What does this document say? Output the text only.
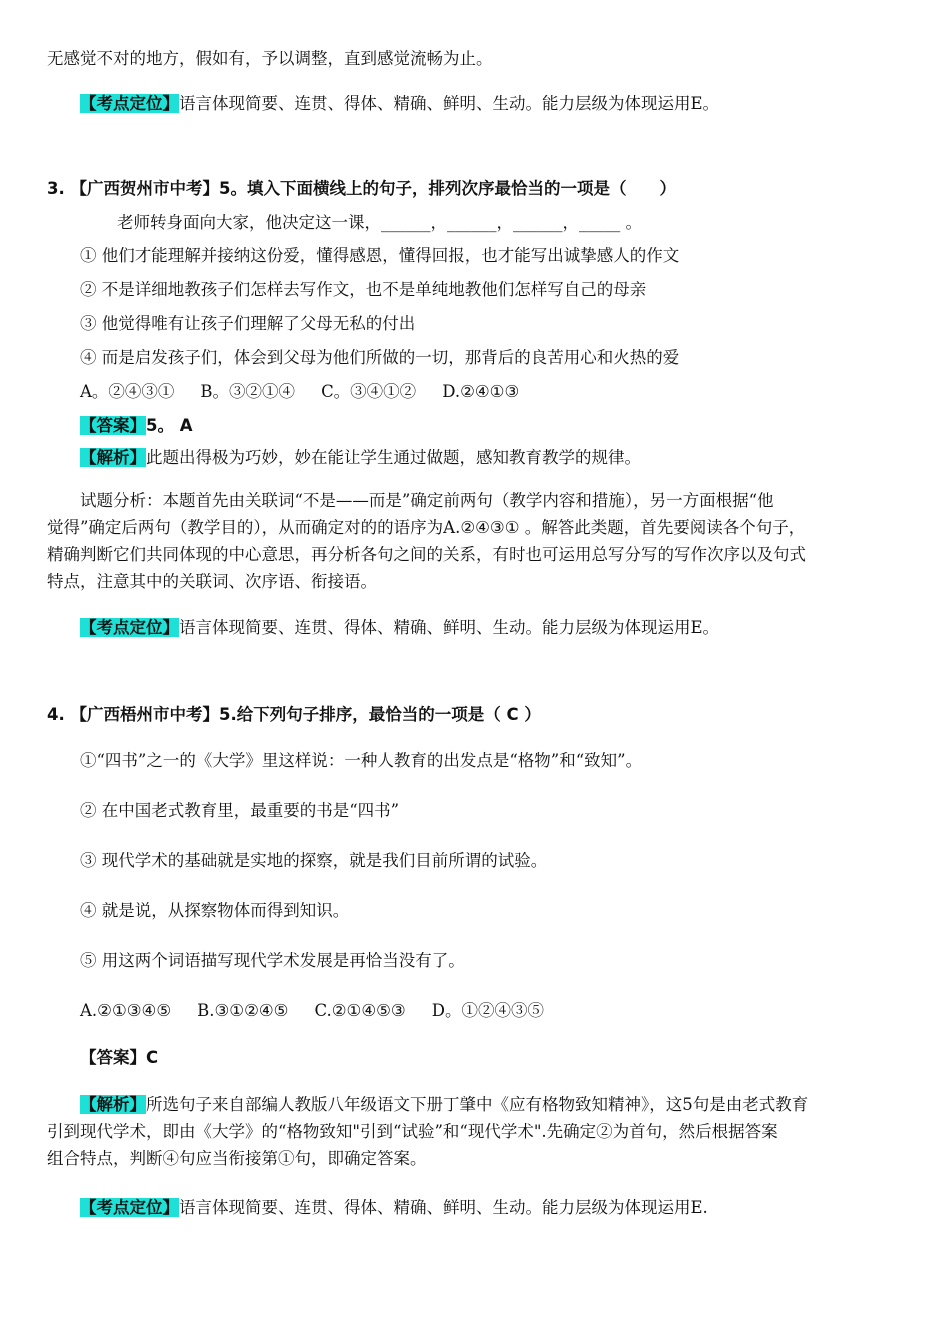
无感觉不对的地方，假如有，予以调整，直到感觉流畅为止。
【考点定位】语言体现简要、连贯、得体、精确、鲜明、生动。能力层级为体现运用E。
3. 【广西贺州市中考】5。填入下面横线上的句子，排列次序最恰当的一项是（　　）
老师转身面向大家，他决定这一课，______，______，______，_____ 。
① 他们才能理解并接纳这份爱，懂得感恩，懂得回报，也才能写出诚挚感人的作文
② 不是详细地教孩子们怎样去写作文，也不是单纯地教他们怎样写自己的母亲
③ 他觉得唯有让孩子们理解了父母无私的付出
④ 而是启发孩子们，体会到父母为他们所做的一切，那背后的良苦用心和火热的爱
A。②④③① B。③②①④ C。③④①② D.②④①③
【答案】5。 A
【解析】此题出得极为巧妙，妙在能让学生通过做题，感知教育教学的规律。
试题分析：本题首先由关联词“不是——而是”确定前两句（教学内容和措施），另一方面根据“他
觉得”确定后两句（教学目的），从而确定对的的语序为A.②④③① 。解答此类题，首先要阅读各个句子，
精确判断它们共同体现的中心意思，再分析各句之间的关系，有时也可运用总写分写的写作次序以及句式
特点，注意其中的关联词、次序语、衔接语。
【考点定位】语言体现简要、连贯、得体、精确、鲜明、生动。能力层级为体现运用E。
4. 【广西梧州市中考】5.给下列句子排序，最恰当的一项是（ C ）
①“四书”之一的《大学》里这样说：一种人教育的出发点是“格物”和“致知”。
② 在中国老式教育里，最重要的书是“四书”
③ 现代学术的基础就是实地的探察，就是我们目前所谓的试验。
④ 就是说，从探察物体而得到知识。
⑤ 用这两个词语描写现代学术发展是再恰当没有了。
A.②①③④⑤ B.③①②④⑤ C.②①④⑤③ D。①②④③⑤
【答案】C
【解析】所选句子来自部编人教版八年级语文下册丁肇中《应有格物致知精神》，这5句是由老式教育
引到现代学术，即由《大学》的“格物致知"引到“试验”和“现代学术".先确定②为首句，然后根据答案
组合特点，判断④句应当衔接第①句，即确定答案。
【考点定位】语言体现简要、连贯、得体、精确、鲜明、生动。能力层级为体现运用E.
